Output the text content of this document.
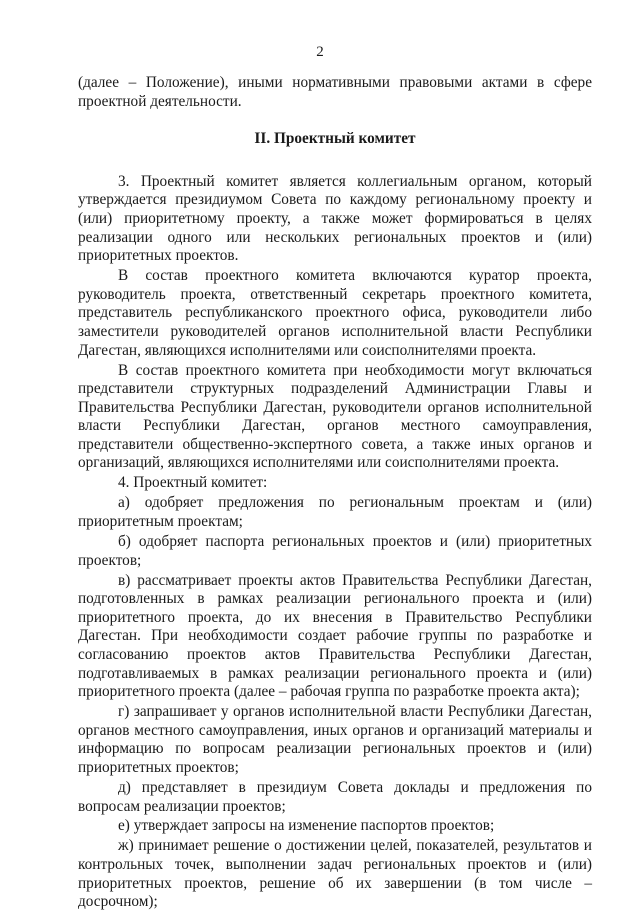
2

(далее – Положение), иными нормативными правовыми актами в сфере проектной деятельности.

II. Проектный комитет

3. Проектный комитет является коллегиальным органом, который утверждается президиумом Совета по каждому региональному проекту и (или) приоритетному проекту, а также может формироваться в целях реализации одного или нескольких региональных проектов и (или) приоритетных проектов.

В состав проектного комитета включаются куратор проекта, руководитель проекта, ответственный секретарь проектного комитета, представитель республиканского проектного офиса, руководители либо заместители руководителей органов исполнительной власти Республики Дагестан, являющихся исполнителями или соисполнителями проекта.

В состав проектного комитета при необходимости могут включаться представители структурных подразделений Администрации Главы и Правительства Республики Дагестан, руководители органов исполнительной власти Республики Дагестан, органов местного самоуправления, представители общественно-экспертного совета, а также иных органов и организаций, являющихся исполнителями или соисполнителями проекта.

4. Проектный комитет:

а) одобряет предложения по региональным проектам и (или) приоритетным проектам;

б) одобряет паспорта региональных проектов и (или) приоритетных проектов;

в) рассматривает проекты актов Правительства Республики Дагестан, подготовленных в рамках реализации регионального проекта и (или) приоритетного проекта, до их внесения в Правительство Республики Дагестан. При необходимости создает рабочие группы по разработке и согласованию проектов актов Правительства Республики Дагестан, подготавливаемых в рамках реализации регионального проекта и (или) приоритетного проекта (далее – рабочая группа по разработке проекта акта);

г) запрашивает у органов исполнительной власти Республики Дагестан, органов местного самоуправления, иных органов и организаций материалы и информацию по вопросам реализации региональных проектов и (или) приоритетных проектов;

д) представляет в президиум Совета доклады и предложения по вопросам реализации проектов;

е) утверждает запросы на изменение паспортов проектов;

ж) принимает решение о достижении целей, показателей, результатов и контрольных точек, выполнении задач региональных проектов и (или) приоритетных проектов, решение об их завершении (в том числе – досрочном);
